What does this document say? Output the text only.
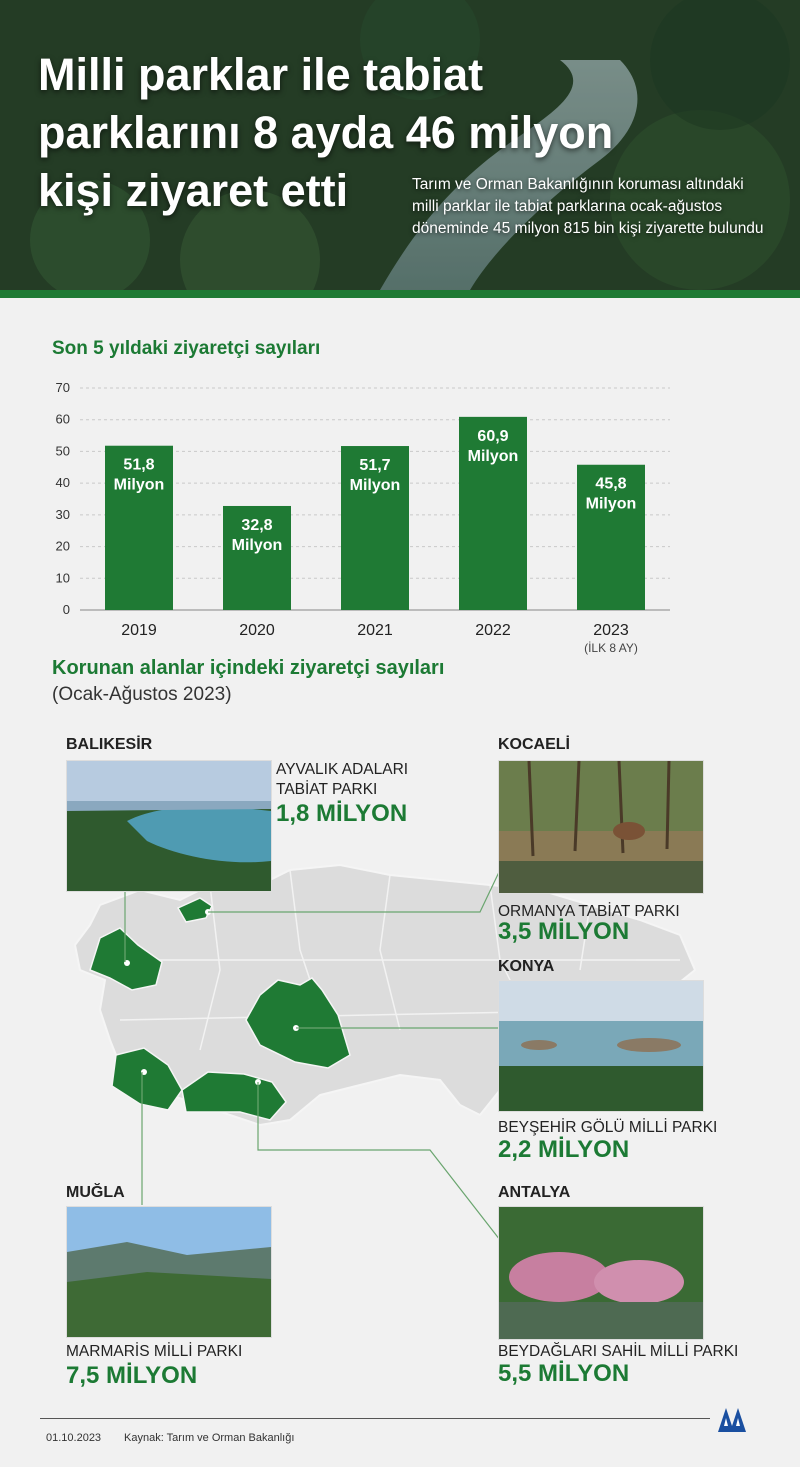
Milli parklar ile tabiat
parklarını 8 ayda 46 milyon
kişi ziyaret etti	Tarım ve Orman Bakanlığının koruması altındaki milli parklar ile tabiat parklarına ocak-ağustos döneminde 45 milyon 815 bin kişi ziyarette bulundu
Son 5 yıldaki ziyaretçi sayıları
0
10
20
30
40
50
60
70
51,8
Milyon
2019
32,8
Milyon
2020
51,7
Milyon
2021
60,9
Milyon
2022
45,8
Milyon
2023
(İLK 8 AY)
Korunan alanlar içindeki ziyaretçi sayıları
(Ocak-Ağustos 2023)
BALIKESİR
AYVALIK ADALARI
TABİAT PARKI
1,8 MİLYON
KOCAELİ
ORMANYA TABİAT PARKI
3,5 MİLYON
KONYA
BEYŞEHİR GÖLÜ MİLLİ PARKI
2,2 MİLYON
MUĞLA
MARMARİS MİLLİ PARKI
7,5 MİLYON
ANTALYA
BEYDAĞLARI SAHİL MİLLİ PARKI
5,5 MİLYON
01.10.2023 Kaynak: Tarım ve Orman Bakanlığı
